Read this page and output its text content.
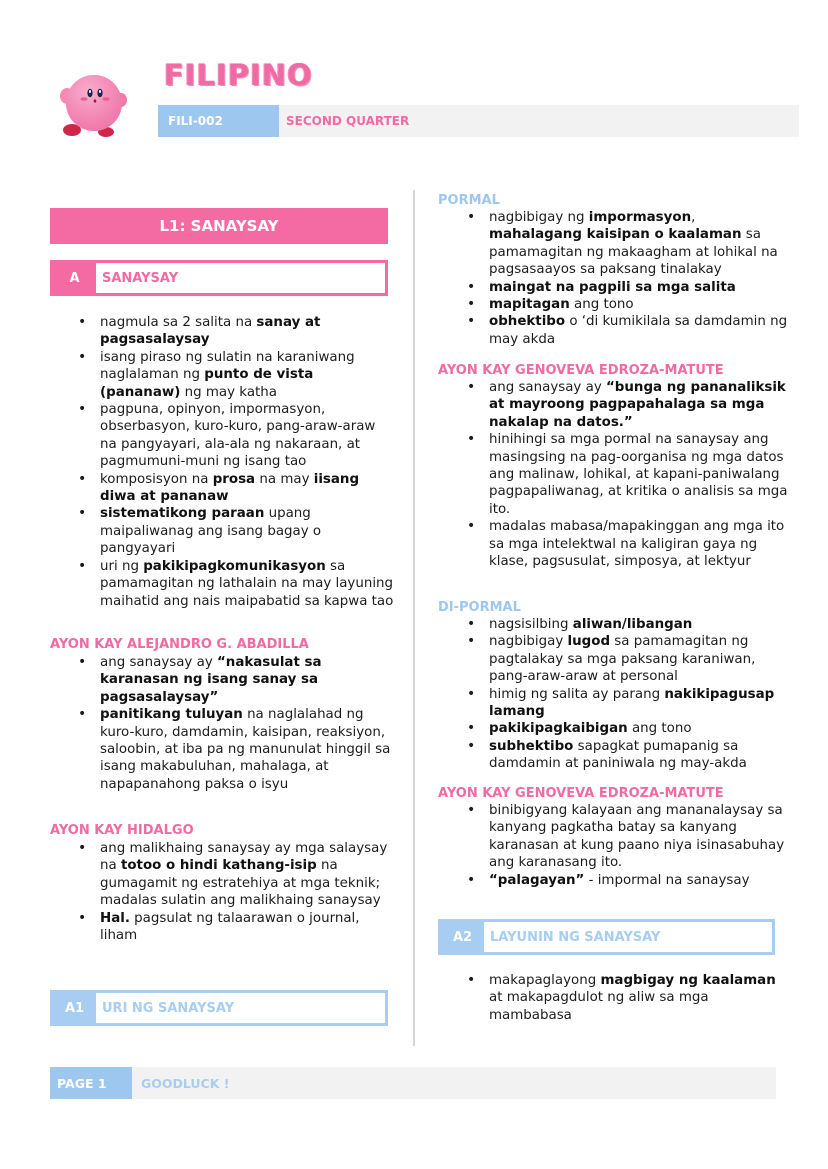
FILIPINO
FILI-002	SECOND QUARTER
L1: SANAYSAY
A	SANAYSAY
• nagmula sa 2 salita na sanay at pagsasalaysay
• isang piraso ng sulatin na karaniwang naglalaman ng punto de vista (pananaw) ng may katha
• pagpuna, opinyon, impormasyon, obserbasyon, kuro-kuro, pang-araw-araw na pangyayari, ala-ala ng nakaraan, at pagmumuni-muni ng isang tao
• komposisyon na prosa na may iisang diwa at pananaw
• sistematikong paraan upang maipaliwanag ang isang bagay o pangyayari
• uri ng pakikipagkomunikasyon sa pamamagitan ng lathalain na may layuning maihatid ang nais maipabatid sa kapwa tao
AYON KAY ALEJANDRO G. ABADILLA
• ang sanaysay ay “nakasulat sa karanasan ng isang sanay sa pagsasalaysay”
• panitikang tuluyan na naglalahad ng kuro-kuro, damdamin, kaisipan, reaksiyon, saloobin, at iba pa ng manunulat hinggil sa isang makabuluhan, mahalaga, at napapanahong paksa o isyu
AYON KAY HIDALGO
• ang malikhaing sanaysay ay mga salaysay na totoo o hindi kathang-isip na gumagamit ng estratehiya at mga teknik; madalas sulatin ang malikhaing sanaysay
• Hal. pagsulat ng talaarawan o journal, liham
A1	URI NG SANAYSAY
PORMAL
• nagbibigay ng impormasyon, mahalagang kaisipan o kaalaman sa pamamagitan ng makaagham at lohikal na pagsasaayos sa paksang tinalakay
• maingat na pagpili sa mga salita
• mapitagan ang tono
• obhektibo o ‘di kumikilala sa damdamin ng may akda
AYON KAY GENOVEVA EDROZA-MATUTE
• ang sanaysay ay “bunga ng pananaliksik at mayroong pagpapahalaga sa mga nakalap na datos.”
• hinihingi sa mga pormal na sanaysay ang masingsing na pag-oorganisa ng mga datos ang malinaw, lohikal, at kapani-paniwalang pagpapaliwanag, at kritika o analisis sa mga ito.
• madalas mabasa/mapakinggan ang mga ito sa mga intelektwal na kaligiran gaya ng klase, pagsusulat, simposya, at lektyur
DI-PORMAL
• nagsisilbing aliwan/libangan
• nagbibigay lugod sa pamamagitan ng pagtalakay sa mga paksang karaniwan, pang-araw-araw at personal
• himig ng salita ay parang nakikipagusap lamang
• pakikipagkaibigan ang tono
• subhektibo sapagkat pumapanig sa damdamin at paniniwala ng may-akda
AYON KAY GENOVEVA EDROZA-MATUTE
• binibigyang kalayaan ang mananalaysay sa kanyang pagkatha batay sa kanyang karanasan at kung paano niya isinasabuhay ang karanasang ito.
• “palagayan” - impormal na sanaysay
A2	LAYUNIN NG SANAYSAY
• makapaglayong magbigay ng kaalaman at makapagdulot ng aliw sa mga mambabasa
PAGE 1	GOODLUCK !
